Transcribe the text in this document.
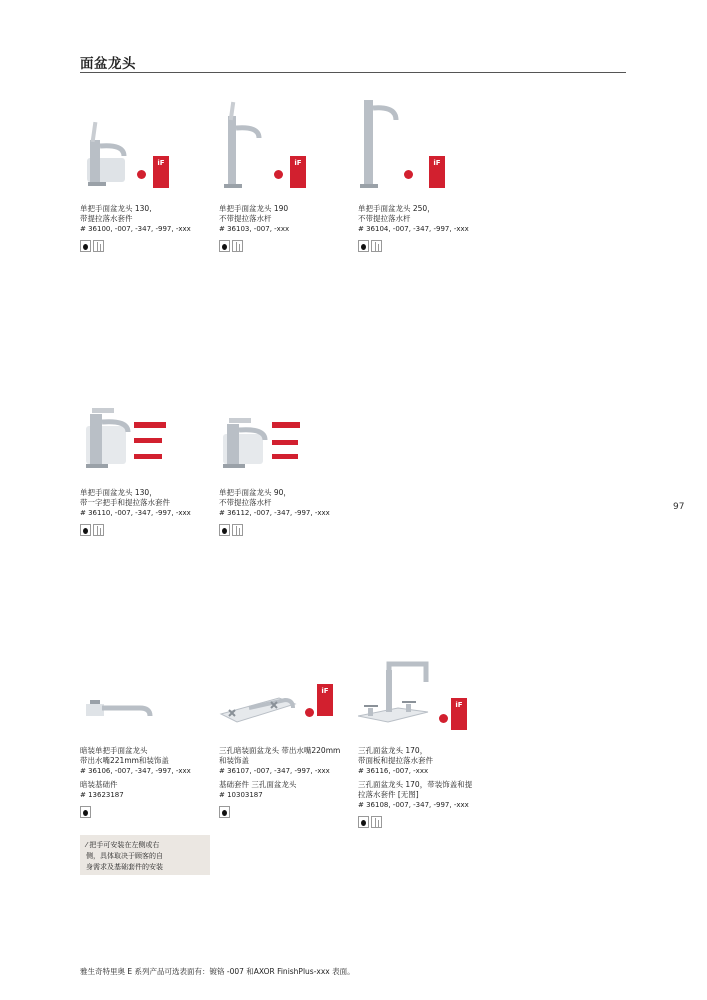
面盆龙头
iF
单把手面盆龙头 130,
带提拉落水套件
# 36100, -007, -347, -997, -xxx
iF
单把手面盆龙头 190
不带提拉落水杆
# 36103, -007, -xxx
iF
单把手面盆龙头 250，
不带提拉落水杆
# 36104, -007, -347, -997, -xxx
单把手面盆龙头 130，
带一字把手和提拉落水套件
# 36110, -007, -347, -997, -xxx
单把手面盆龙头 90，
不带提拉落水杆
# 36112, -007, -347, -997, -xxx
97
暗装单把手面盆龙头
带出水嘴221mm和装饰盖
# 36106, -007, -347, -997, -xxx
暗装基础件
# 13623187
iF
三孔暗装面盆龙头 带出水嘴220mm
和装饰盖
# 36107, -007, -347, -997, -xxx
基础套件 三孔面盆龙头
# 10303187
iF
三孔面盆龙头 170，
带面板和提拉落水套件
# 36116, -007, -xxx
三孔面盆龙头 170，带装饰盖和提
拉落水套件 [无图]
# 36108, -007, -347, -997, -xxx
⁄ 把手可安装在左侧或右
侧，具体取决于顾客的自
身需求及基础套件的安装
雅生奇特里奥 E 系列产品可选表面有：镀铬 -007 和AXOR FinishPlus-xxx 表面。
